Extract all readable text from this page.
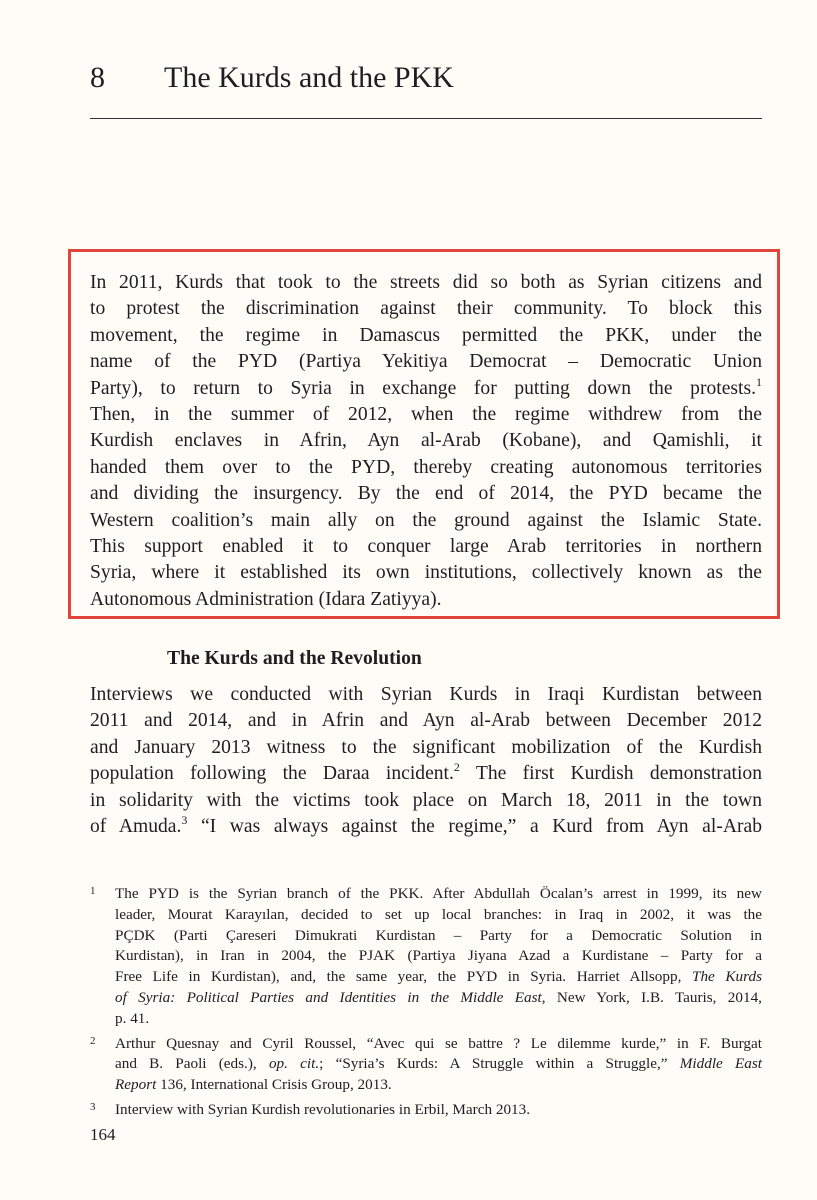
8 The Kurds and the PKK
In 2011, Kurds that took to the streets did so both as Syrian citizens and
to protest the discrimination against their community. To block this
movement, the regime in Damascus permitted the PKK, under the
name of the PYD (Partiya Yekitiya Democrat – Democratic Union
Party), to return to Syria in exchange for putting down the protests.$^1$
Then, in the summer of 2012, when the regime withdrew from the
Kurdish enclaves in Afrin, Ayn al-Arab (Kobane), and Qamishli, it
handed them over to the PYD, thereby creating autonomous territories
and dividing the insurgency. By the end of 2014, the PYD became the
Western coalition’s main ally on the ground against the Islamic State.
This support enabled it to conquer large Arab territories in northern
Syria, where it established its own institutions, collectively known as the
Autonomous Administration (Idara Zatiyya).
The Kurds and the Revolution
Interviews we conducted with Syrian Kurds in Iraqi Kurdistan between
2011 and 2014, and in Afrin and Ayn al-Arab between December 2012
and January 2013 witness to the significant mobilization of the Kurdish
population following the Daraa incident.$^2$ The first Kurdish demonstration
in solidarity with the victims took place on March 18, 2011 in the town
of Amuda.$^3$ “I was always against the regime,” a Kurd from Ayn al-Arab
1 The PYD is the Syrian branch of the PKK. After Abdullah Öcalan’s arrest in 1999, its new
leader, Mourat Karayılan, decided to set up local branches: in Iraq in 2002, it was the
PÇDK (Parti Çareseri Dimukrati Kurdistan – Party for a Democratic Solution in
Kurdistan), in Iran in 2004, the PJAK (Partiya Jiyana Azad a Kurdistane – Party for a
Free Life in Kurdistan), and, the same year, the PYD in Syria. Harriet Allsopp, The Kurds
of Syria: Political Parties and Identities in the Middle East, New York, I.B. Tauris, 2014,
p. 41.
2 Arthur Quesnay and Cyril Roussel, “Avec qui se battre ? Le dilemme kurde,” in F. Burgat
and B. Paoli (eds.), op. cit.; “Syria’s Kurds: A Struggle within a Struggle,” Middle East
Report 136, International Crisis Group, 2013.
3 Interview with Syrian Kurdish revolutionaries in Erbil, March 2013.
164
